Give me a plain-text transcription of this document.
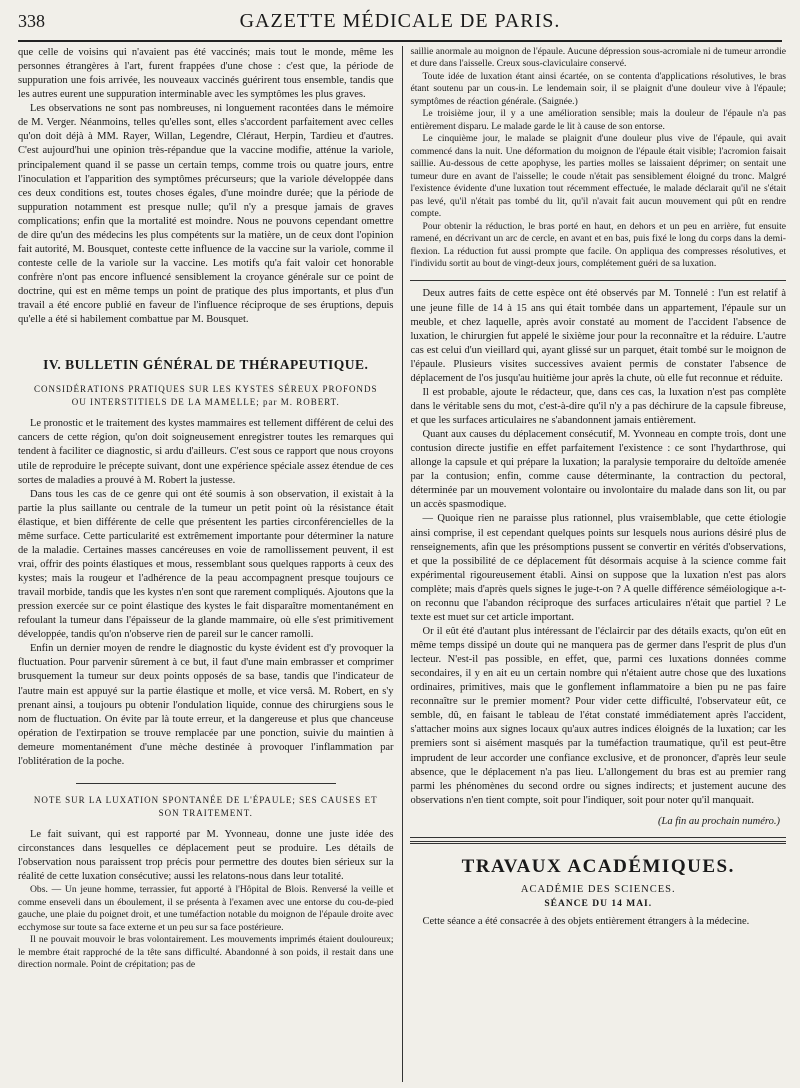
338	GAZETTE MÉDICALE DE PARIS.

que celle de voisins qui n'avaient pas été vaccinés; mais tout le monde, même les personnes étrangères à l'art, furent frappées d'une chose : c'est que, la période de suppuration une fois arrivée, les nouveaux vaccinés guérirent tous ensemble, tandis que les autres eurent une suppuration interminable avec les symptômes les plus graves.

Les observations ne sont pas nombreuses, ni longuement racontées dans le mémoire de M. Verger. Néanmoins, telles qu'elles sont, elles s'accordent parfaitement avec celles qu'on doit déjà à MM. Rayer, Willan, Legendre, Cléraut, Herpin, Tardieu et d'autres. C'est aujourd'hui une opinion très-répandue que la vaccine modifie, atténue la variole, principalement quand il se passe un certain temps, comme trois ou quatre jours, entre l'inoculation et l'apparition des symptômes précurseurs; que la variole développée dans ces deux conditions est, toutes choses égales, d'une moindre durée; que la période de suppuration notamment est presque nulle; qu'il n'y a presque jamais de graves complications; enfin que la mortalité est moindre. Nous ne pouvons cependant omettre de dire qu'un des médecins les plus compétents sur la matière, un de ceux dont l'opinion fait autorité, M. Bousquet, conteste cette influence de la vaccine sur la variole, comme il conteste celle de la variole sur la vaccine. Les motifs qu'a fait valoir cet honorable confrère n'ont pas encore influencé sensiblement la croyance générale sur ce point de doctrine, qui est en même temps un point de pratique des plus importants, et plus d'un travail a été encore publié en faveur de l'influence réciproque de ses éruptions, depuis qu'elle a été si habilement combattue par M. Bousquet.

IV. BULLETIN GÉNÉRAL DE THÉRAPEUTIQUE.
CONSIDÉRATIONS PRATIQUES SUR LES KYSTES SÉREUX PROFONDS OU INTERSTITIELS DE LA MAMELLE; par M. ROBERT.

Le pronostic et le traitement des kystes mammaires est tellement différent de celui des cancers de cette région, qu'on doit soigneusement enregistrer toutes les remarques qui tendent à faciliter ce diagnostic, si ardu d'ailleurs. C'est sous ce rapport que nous croyons utile de reproduire le précepte suivant, dont une expérience spéciale assez étendue de ces sortes de maladies a prouvé à M. Robert la justesse.

Dans tous les cas de ce genre qui ont été soumis à son observation, il existait à la partie la plus saillante ou centrale de la tumeur un petit point où la résistance était élastique, et bien différente de celle que présentent les parties circonférencielles de la même surface. Cette particularité est extrêmement importante pour déterminer la nature de la maladie. Certaines masses cancéreuses en voie de ramollissement peuvent, il est vrai, offrir des points élastiques et mous, ressemblant sous quelques rapports à ceux des kystes; mais la rougeur et l'adhérence de la peau accompagnent presque toujours ce travail morbide, tandis que les kystes n'en sont que rarement compliqués. Ajoutons que la pression exercée sur ce point élastique des kystes le fait disparaître momentanément en refoulant la tumeur dans l'épaisseur de la glande mammaire, où elle s'est primitivement développée, tandis qu'on n'observe rien de pareil sur le cancer ramolli.

Enfin un dernier moyen de rendre le diagnostic du kyste évident est d'y provoquer la fluctuation. Pour parvenir sûrement à ce but, il faut d'une main embrasser et comprimer brusquement la tumeur sur deux points opposés de sa base, tandis que l'indicateur de l'autre main est appuyé sur la partie élastique et molle, et vice versâ. M. Robert, en s'y prenant ainsi, a toujours pu obtenir l'ondulation liquide, connue des chirurgiens sous le nom de fluctuation. On évite par là toute erreur, et la dangereuse et plus que chanceuse opération de l'extirpation se trouve remplacée par une ponction, suivie du maintien à demeure momentanément d'une mèche destinée à provoquer l'inflammation par l'oblitération de la poche.

NOTE SUR LA LUXATION SPONTANÉE DE L'ÉPAULE; SES CAUSES ET SON TRAITEMENT.

Le fait suivant, qui est rapporté par M. Yvonneau, donne une juste idée des circonstances dans lesquelles ce déplacement peut se produire. Les détails de l'observation nous paraissent trop précis pour permettre des doutes bien sérieux sur la réalité de cette luxation consécutive; aussi les relatons-nous dans leur totalité.

Obs. — Un jeune homme, terrassier, fut apporté à l'Hôpital de Blois. Renversé la veille et comme enseveli dans un éboulement, il se présenta à l'examen avec une entorse du cou-de-pied gauche, une plaie du poignet droit, et une tuméfaction notable du moignon de l'épaule droite avec ecchymose sur toute sa face externe et un peu sur sa face postérieure.

Il ne pouvait mouvoir le bras volontairement. Les mouvements imprimés étaient douloureux; le membre était rapproché de la tête sans difficulté. Abandonné à son poids, il restait dans une direction normale. Point de crépitation; pas de

saillie anormale au moignon de l'épaule. Aucune dépression sous-acromiale ni de tumeur arrondie et dure dans l'aisselle. Creux sous-claviculaire conservé.

Toute idée de luxation étant ainsi écartée, on se contenta d'applications résolutives, le bras étant soutenu par un cous-in. Le lendemain soir, il se plaignit d'une douleur vive à l'épaule; symptômes de réaction générale. (Saignée.)

Le troisième jour, il y a une amélioration sensible; mais la douleur de l'épaule n'a pas entièrement disparu. Le malade garde le lit à cause de son entorse.

Le cinquième jour, le malade se plaignit d'une douleur plus vive de l'épaule, qui avait commencé dans la nuit. Une déformation du moignon de l'épaule était visible; l'acromion faisait saillie. Au-dessous de cette apophyse, les parties molles se laissaient déprimer; on sentait une tumeur dure en avant de l'aisselle; le coude n'était pas sensiblement éloigné du tronc. Malgré l'existence évidente d'une luxation tout récemment effectuée, le malade déclarait qu'il ne s'était pas levé, qu'il n'était pas tombé du lit, qu'il n'avait fait aucun mouvement qui pût en rendre compte.

Pour obtenir la réduction, le bras porté en haut, en dehors et un peu en arrière, fut ensuite ramené, en décrivant un arc de cercle, en avant et en bas, puis fixé le long du corps dans la demi-flexion. La réduction fut aussi prompte que facile. On appliqua des compresses résolutives, et l'individu sortit au bout de vingt-deux jours, complétement guéri de sa luxation.

Deux autres faits de cette espèce ont été observés par M. Tonnelé : l'un est relatif à une jeune fille de 14 à 15 ans qui était tombée dans un appartement, l'épaule sur un meuble, et chez laquelle, après avoir constaté au moment de l'accident l'absence de luxation, le chirurgien fut appelé le sixième jour pour la reconnaître et la réduire. L'autre cas est celui d'un vieillard qui, ayant glissé sur un parquet, était tombé sur le moignon de l'épaule. Plusieurs visites successives avaient permis de constater l'absence de déplacement de l'os jusqu'au huitième jour après la chute, où elle fut reconnue et réduite.

Il est probable, ajoute le rédacteur, que, dans ces cas, la luxation n'est pas complète dans le véritable sens du mot, c'est-à-dire qu'il n'y a pas déchirure de la capsule fibreuse, et que les surfaces articulaires ne s'abandonnent jamais entièrement.

Quant aux causes du déplacement consécutif, M. Yvonneau en compte trois, dont une contusion directe justifie en effet parfaitement l'existence : ce sont l'hydarthrose, qui allonge la capsule et qui prépare la luxation; la paralysie temporaire du deltoïde amenée par la contusion; enfin, comme cause déterminante, la contraction du pectoral, déterminée par un mouvement volontaire ou involontaire du malade dans son lit, ou par un accès spasmodique.

— Quoique rien ne paraisse plus rationnel, plus vraisemblable, que cette étiologie ainsi comprise, il est cependant quelques points sur lesquels nous aurions désiré plus de renseignements, afin que les présomptions pussent se convertir en vérités d'observations, et que la possibilité de ce déplacement fût désormais acquise à la science comme fait expérimental rigoureusement établi. Ainsi on suppose que la luxation n'est pas alors complète; mais d'après quels signes le juge-t-on ? A quelle différence séméiologique a-t-on reconnu que l'abandon réciproque des surfaces articulaires n'était que partiel ? Le texte est muet sur cet article important.

Or il eût été d'autant plus intéressant de l'éclaircir par des détails exacts, qu'on eût en même temps dissipé un doute qui ne manquera pas de germer dans l'esprit de plus d'un lecteur. N'est-il pas possible, en effet, que, parmi ces luxations données comme secondaires, il y en ait eu un certain nombre qui n'étaient autre chose que des luxations ordinaires, primitives, mais que le gonflement inflammatoire a bien pu ne pas faire reconnaître sur le premier moment? Pour vider cette difficulté, l'observateur eût, ce semble, dû, en faisant le tableau de l'état constaté immédiatement après l'accident, s'attacher moins aux signes locaux qu'aux autres indices éloignés de la luxation; car les premiers sont si aisément masqués par la tuméfaction traumatique, qu'il est peut-être imprudent de leur accorder une confiance exclusive, et de prononcer, d'après leur seule absence, que le déplacement n'a pas lieu. L'allongement du bras est au premier rang parmi les phénomènes du second ordre ou signes indirects; et justement aucune des observations n'en tient compte, soit pour l'indiquer, soit pour noter qu'il manquait.

(La fin au prochain numéro.)
TRAVAUX ACADÉMIQUES.
ACADÉMIE DES SCIENCES.
SÉANCE DU 14 MAI.

Cette séance a été consacrée à des objets entièrement étrangers à la médecine.
